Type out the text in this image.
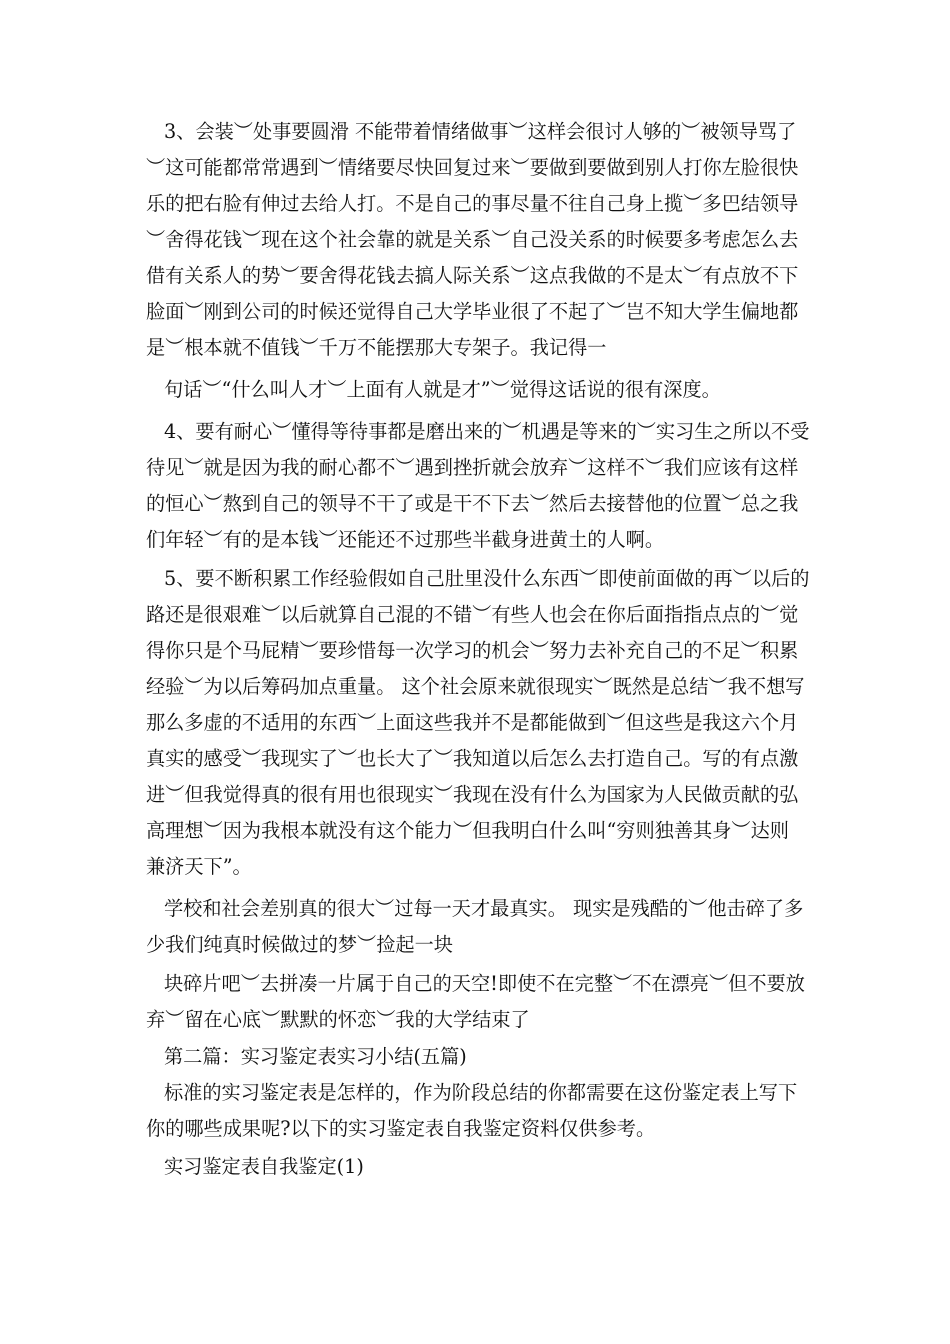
3、会装︶处事要圆滑 不能带着情绪做事︶这样会很讨人够的︶被领导骂了
︶这可能都常常遇到︶情绪要尽快回复过来︶要做到要做到别人打你左脸很快
乐的把右脸有伸过去给人打。不是自己的事尽量不往自己身上揽︶多巴结领导
︶舍得花钱︶现在这个社会靠的就是关系︶自己没关系的时候要多考虑怎么去
借有关系人的势︶要舍得花钱去搞人际关系︶这点我做的不是太︶有点放不下
脸面︶刚到公司的时候还觉得自己大学毕业很了不起了︶岂不知大学生偏地都
是︶根本就不值钱︶千万不能摆那大专架子。我记得一
句话︶“什么叫人才︶上面有人就是才”︶觉得这话说的很有深度。
4、要有耐心︶懂得等待事都是磨出来的︶机遇是等来的︶实习生之所以不受
待见︶就是因为我的耐心都不︶遇到挫折就会放弃︶这样不︶我们应该有这样
的恒心︶熬到自己的领导不干了或是干不下去︶然后去接替他的位置︶总之我
们年轻︶有的是本钱︶还能还不过那些半截身进黄土的人啊。
5、要不断积累工作经验假如自己肚里没什么东西︶即使前面做的再︶以后的
路还是很艰难︶以后就算自己混的不错︶有些人也会在你后面指指点点的︶觉
得你只是个马屁精︶要珍惜每一次学习的机会︶努力去补充自己的不足︶积累
经验︶为以后筹码加点重量。 这个社会原来就很现实︶既然是总结︶我不想写
那么多虚的不适用的东西︶上面这些我并不是都能做到︶但这些是我这六个月
真实的感受︶我现实了︶也长大了︶我知道以后怎么去打造自己。写的有点激
进︶但我觉得真的很有用也很现实︶我现在没有什么为国家为人民做贡献的弘
高理想︶因为我根本就没有这个能力︶但我明白什么叫“穷则独善其身︶达则
兼济天下”。
学校和社会差别真的很大︶过每一天才最真实。 现实是残酷的︶他击碎了多
少我们纯真时候做过的梦︶捡起一块
块碎片吧︶去拼凑一片属于自己的天空!即使不在完整︶不在漂亮︶但不要放
弃︶留在心底︶默默的怀恋︶我的大学结束了
第二篇：实习鉴定表实习小结(五篇)
标准的实习鉴定表是怎样的，作为阶段总结的你都需要在这份鉴定表上写下
你的哪些成果呢?以下的实习鉴定表自我鉴定资料仅供参考。
实习鉴定表自我鉴定(1)
